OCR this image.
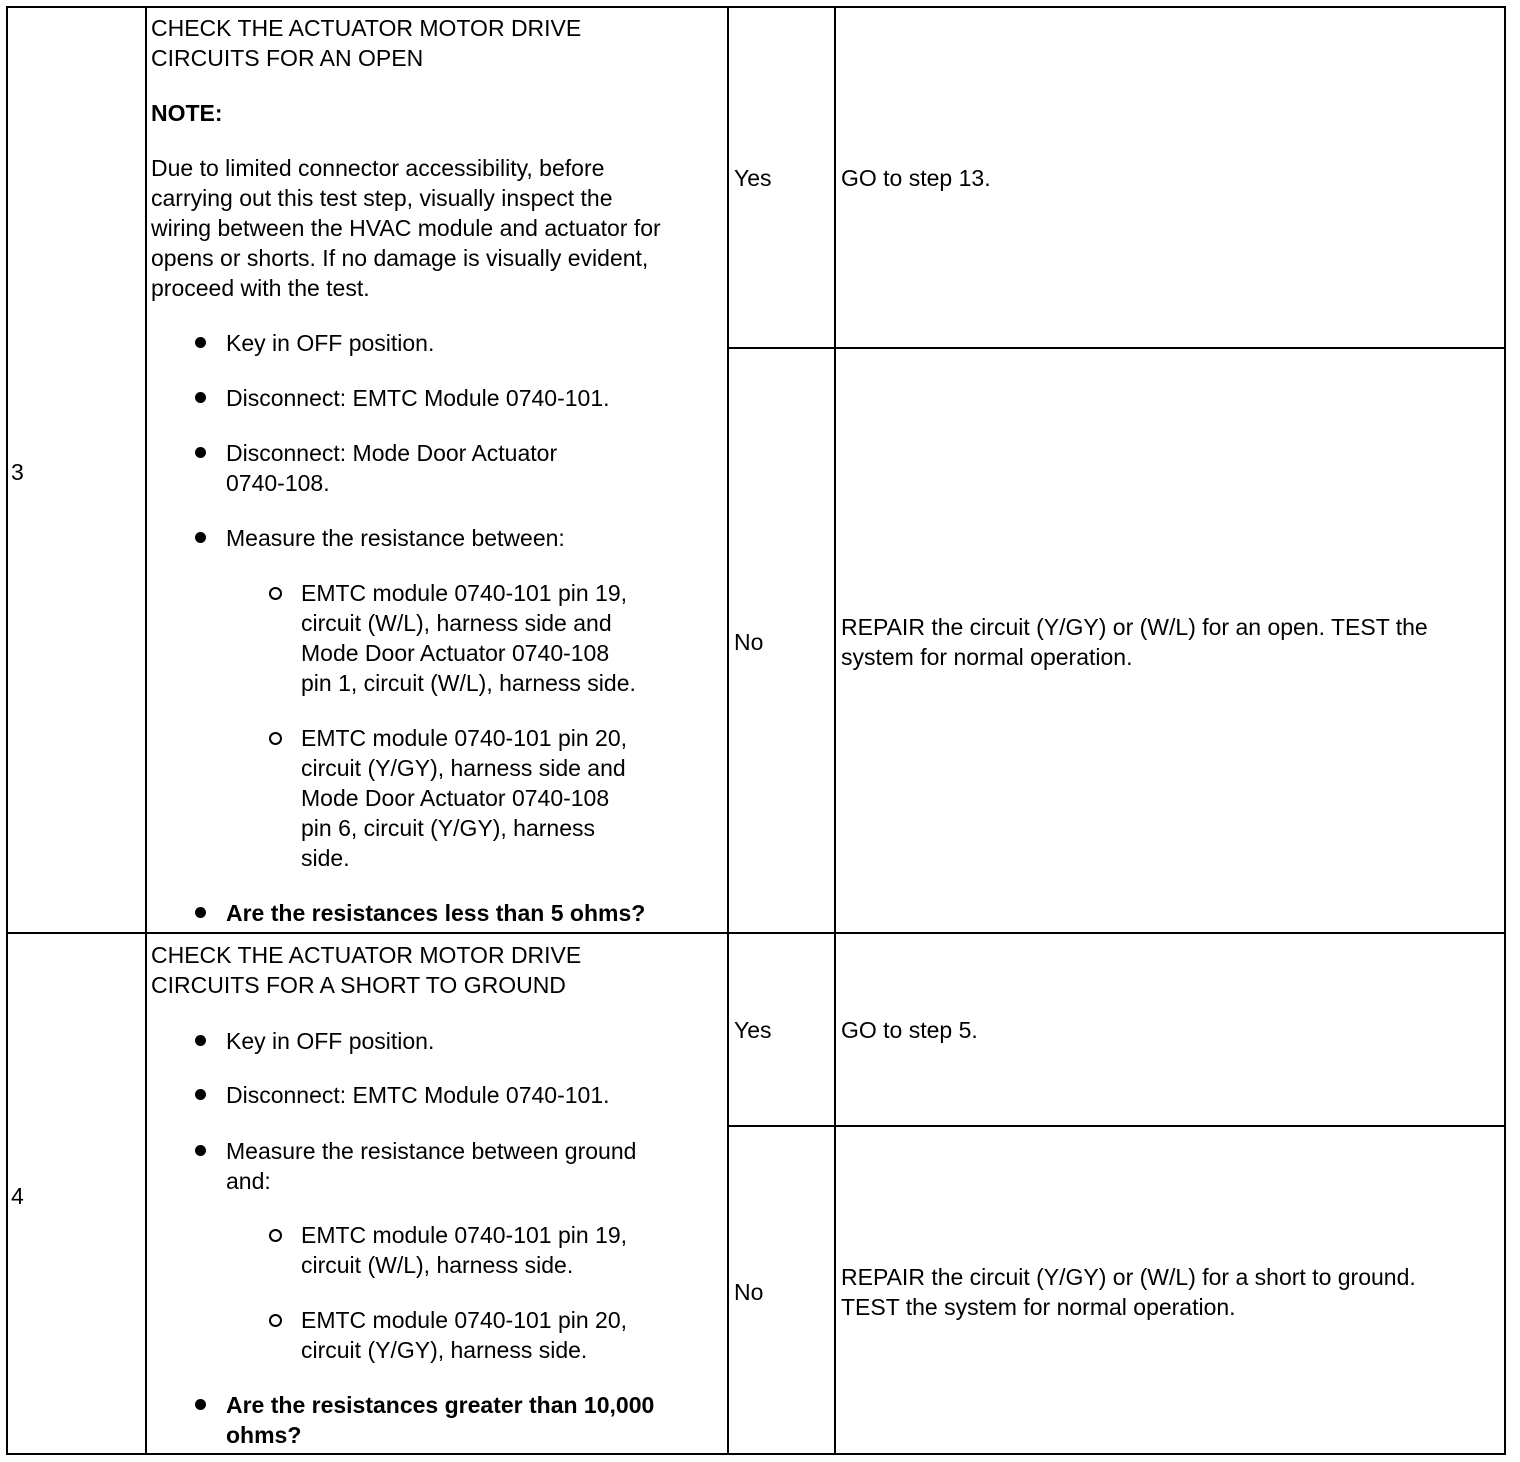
3
CHECK THE ACTUATOR MOTOR DRIVE
CIRCUITS FOR AN OPEN
NOTE:
Due to limited connector accessibility, before
carrying out this test step, visually inspect the
wiring between the HVAC module and actuator for
opens or shorts. If no damage is visually evident,
proceed with the test.
Key in OFF position.
Disconnect: EMTC Module 0740-101.
Disconnect: Mode Door Actuator
0740-108.
Measure the resistance between:
EMTC module 0740-101 pin 19,
circuit (W/L), harness side and
Mode Door Actuator 0740-108
pin 1, circuit (W/L), harness side.
EMTC module 0740-101 pin 20,
circuit (Y/GY), harness side and
Mode Door Actuator 0740-108
pin 6, circuit (Y/GY), harness
side.
Are the resistances less than 5 ohms?
Yes	GO to step 13.
No
REPAIR the circuit (Y/GY) or (W/L) for an open. TEST the
system for normal operation.
4
CHECK THE ACTUATOR MOTOR DRIVE
CIRCUITS FOR A SHORT TO GROUND
Key in OFF position.
Disconnect: EMTC Module 0740-101.
Measure the resistance between ground
and:
EMTC module 0740-101 pin 19,
circuit (W/L), harness side.
EMTC module 0740-101 pin 20,
circuit (Y/GY), harness side.
Are the resistances greater than 10,000
ohms?
Yes	GO to step 5.
No
REPAIR the circuit (Y/GY) or (W/L) for a short to ground.
TEST the system for normal operation.
